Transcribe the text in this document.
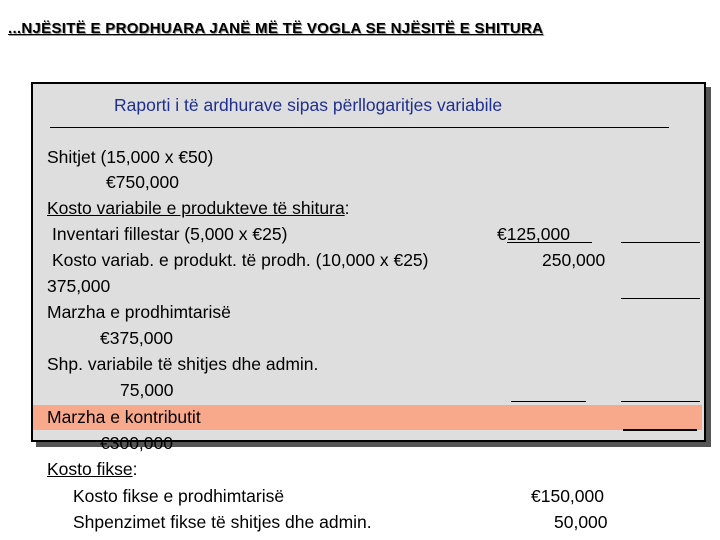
...NJËSITË E PRODHUARA JANË MË TË VOGLA SE NJËSITË E SHITURA
Raporti i të ardhurave sipas përllogaritjes variabile
Shitjet (15,000 x €50)
€750,000
Kosto variabile e produkteve të shitura:
Inventari fillestar (5,000 x €25)	€125,000
Kosto variab. e produkt. të prodh. (10,000 x €25)	250,000
375,000
Marzha e prodhimtarisë
€375,000
Shp. variabile të shitjes dhe admin.
75,000
Marzha e kontributit
€300,000
Kosto fikse:
Kosto fikse e prodhimtarisë	€150,000
Shpenzimet fikse të shitjes dhe admin.	50,000
